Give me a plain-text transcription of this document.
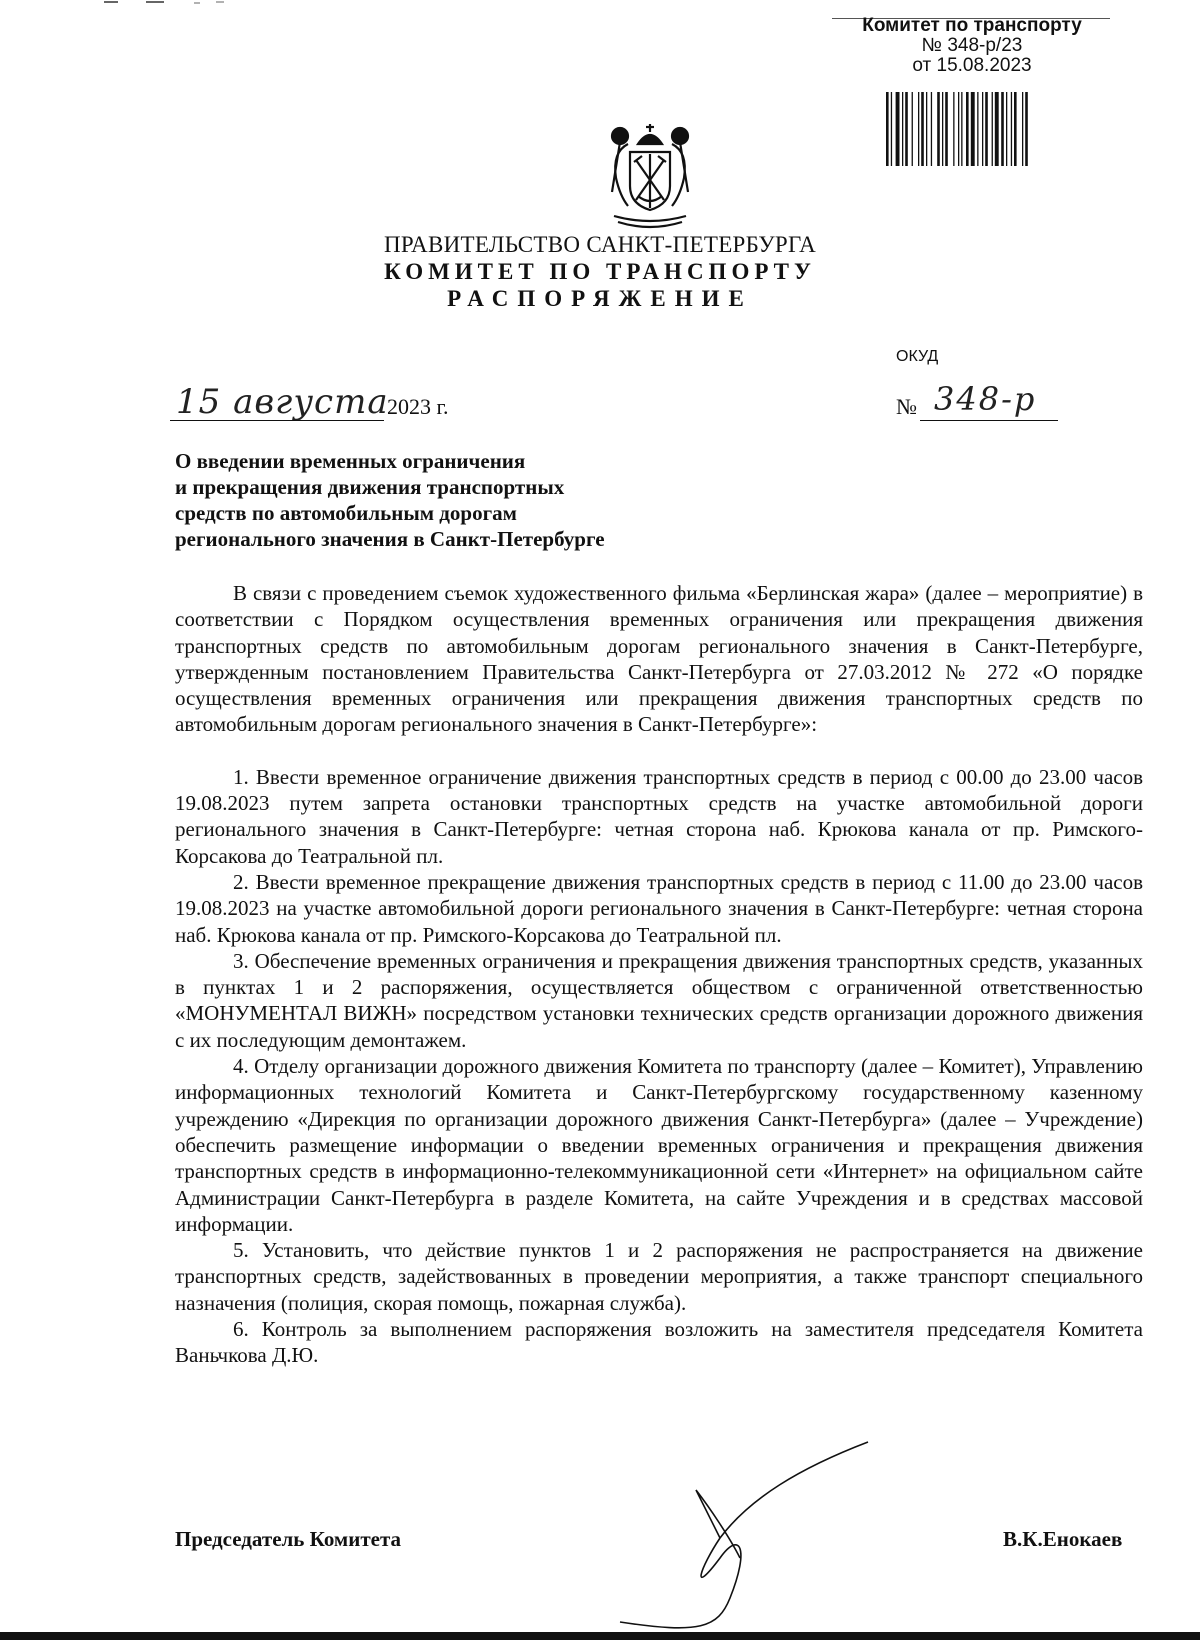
Комитет по транспорту
№ 348-р/23
от 15.08.2023
ПРАВИТЕЛЬСТВО САНКТ-ПЕТЕРБУРГА
КОМИТЕТ ПО ТРАНСПОРТУ
РАСПОРЯЖЕНИЕ
ОКУД
15 августа
2023 г.	№ 348-р
О введении временных ограничения
и прекращения движения транспортных
средств по автомобильным дорогам
регионального значения в Санкт-Петербурге

В связи с проведением съемок художественного фильма «Берлинская жара» (далее – мероприятие) в соответствии с Порядком осуществления временных ограничения или прекращения движения транспортных средств по автомобильным дорогам регионального значения в Санкт-Петербурге, утвержденным постановлением Правительства Санкт-Петербурга от 27.03.2012 № 272 «О порядке осуществления временных ограничения или прекращения движения транспортных средств по автомобильным дорогам регионального значения в Санкт-Петербурге»:

1. Ввести временное ограничение движения транспортных средств в период с 00.00 до 23.00 часов 19.08.2023 путем запрета остановки транспортных средств на участке автомобильной дороги регионального значения в Санкт-Петербурге: четная сторона наб. Крюкова канала от пр. Римского-Корсакова до Театральной пл.

2. Ввести временное прекращение движения транспортных средств в период с 11.00 до 23.00 часов 19.08.2023 на участке автомобильной дороги регионального значения в Санкт-Петербурге: четная сторона наб. Крюкова канала от пр. Римского-Корсакова до Театральной пл.

3. Обеспечение временных ограничения и прекращения движения транспортных средств, указанных в пунктах 1 и 2 распоряжения, осуществляется обществом с ограниченной ответственностью «МОНУМЕНТАЛ ВИЖН» посредством установки технических средств организации дорожного движения с их последующим демонтажем.

4. Отделу организации дорожного движения Комитета по транспорту (далее – Комитет), Управлению информационных технологий Комитета и Санкт-Петербургскому государственному казенному учреждению «Дирекция по организации дорожного движения Санкт-Петербурга» (далее – Учреждение) обеспечить размещение информации о введении временных ограничения и прекращения движения транспортных средств в информационно-телекоммуникационной сети «Интернет» на официальном сайте Администрации Санкт-Петербурга в разделе Комитета, на сайте Учреждения и в средствах массовой информации.

5. Установить, что действие пунктов 1 и 2 распоряжения не распространяется на движение транспортных средств, задействованных в проведении мероприятия, а также транспорт специального назначения (полиция, скорая помощь, пожарная служба).

6. Контроль за выполнением распоряжения возложить на заместителя председателя Комитета Ваньчкова Д.Ю.

Председатель Комитета	В.К.Енокаев
